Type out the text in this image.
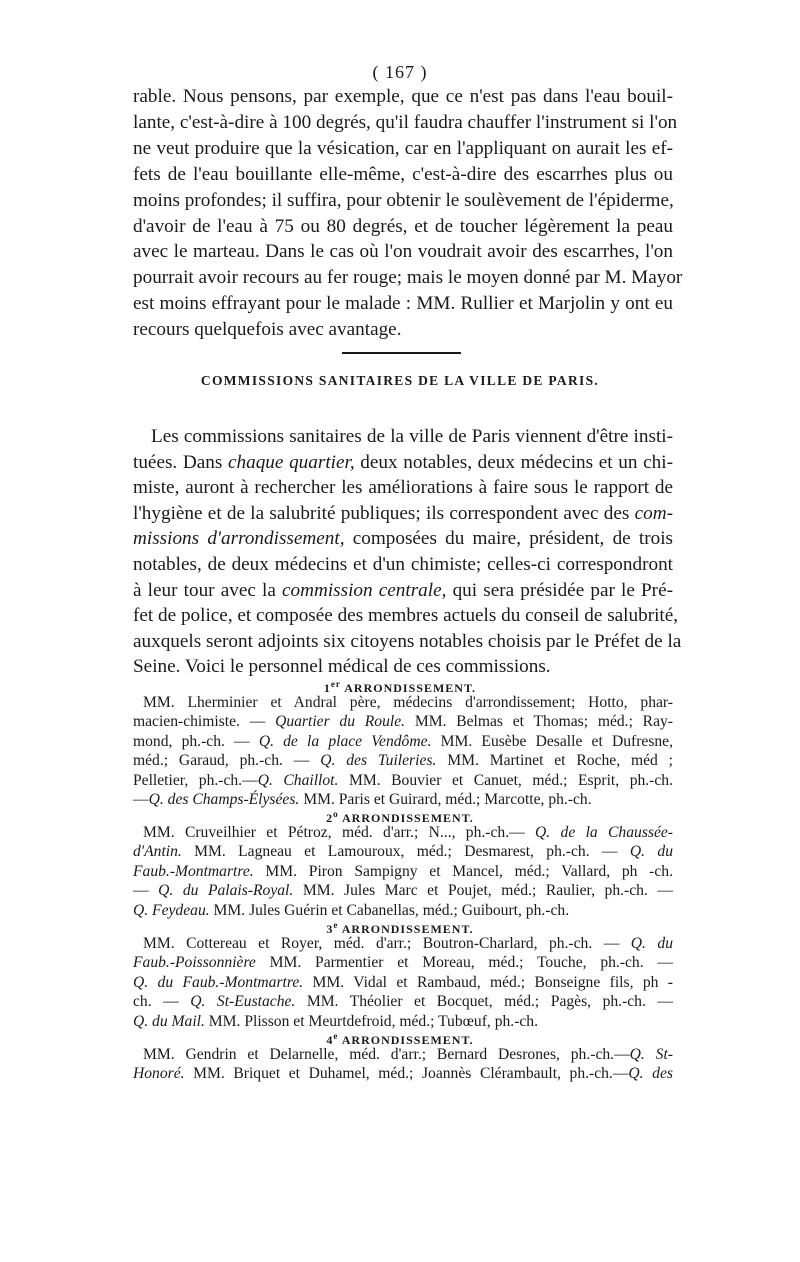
( 167 )
rable. Nous pensons, par exemple, que ce n'est pas dans l'eau bouil-
lante, c'est-à-dire à 100 degrés, qu'il faudra chauffer l'instrument si l'on
ne veut produire que la vésication, car en l'appliquant on aurait les ef-
fets de l'eau bouillante elle-même, c'est-à-dire des escarrhes plus ou
moins profondes; il suffira, pour obtenir le soulèvement de l'épiderme,
d'avoir de l'eau à 75 ou 80 degrés, et de toucher légèrement la peau
avec le marteau. Dans le cas où l'on voudrait avoir des escarrhes, l'on
pourrait avoir recours au fer rouge; mais le moyen donné par M. Mayor
est moins effrayant pour le malade : MM. Rullier et Marjolin y ont eu
recours quelquefois avec avantage.
COMMISSIONS SANITAIRES DE LA VILLE DE PARIS.
Les commissions sanitaires de la ville de Paris viennent d'être insti-
tuées. Dans chaque quartier, deux notables, deux médecins et un chi-
miste, auront à rechercher les améliorations à faire sous le rapport de
l'hygiène et de la salubrité publiques; ils correspondent avec des com-
missions d'arrondissement, composées du maire, président, de trois
notables, de deux médecins et d'un chimiste; celles-ci correspondront
à leur tour avec la commission centrale, qui sera présidée par le Pré-
fet de police, et composée des membres actuels du conseil de salubrité,
auxquels seront adjoints six citoyens notables choisis par le Préfet de la
Seine. Voici le personnel médical de ces commissions.
1er ARRONDISSEMENT.
MM. Lherminier et Andral père, médecins d'arrondissement; Hotto, phar-
macien-chimiste. — Quartier du Roule. MM. Belmas et Thomas; méd.; Ray-
mond, ph.-ch. — Q. de la place Vendôme. MM. Eusèbe Desalle et Dufresne,
méd.; Garaud, ph.-ch. — Q. des Tuileries. MM. Martinet et Roche, méd ;
Pelletier, ph.-ch.—Q. Chaillot. MM. Bouvier et Canuet, méd.; Esprit, ph.-ch.
—Q. des Champs-Élysées. MM. Paris et Guirard, méd.; Marcotte, ph.-ch.
2$^o$ ARRONDISSEMENT.
MM. Cruveilhier et Pétroz, méd. d'arr.; N..., ph.-ch.— Q. de la Chaussée-
d'Antin. MM. Lagneau et Lamouroux, méd.; Desmarest, ph.-ch. — Q. du
Faub.-Montmartre. MM. Piron Sampigny et Mancel, méd.; Vallard, ph -ch.
— Q. du Palais-Royal. MM. Jules Marc et Poujet, méd.; Raulier, ph.-ch. —
Q. Feydeau. MM. Jules Guérin et Cabanellas, méd.; Guibourt, ph.-ch.
3e ARRONDISSEMENT.
MM. Cottereau et Royer, méd. d'arr.; Boutron-Charlard, ph.-ch. — Q. du
Faub.-Poissonnière MM. Parmentier et Moreau, méd.; Touche, ph.-ch. —
Q. du Faub.-Montmartre. MM. Vidal et Rambaud, méd.; Bonseigne fils, ph -
ch. — Q. St-Eustache. MM. Théolier et Bocquet, méd.; Pagès, ph.-ch. —
Q. du Mail. MM. Plisson et Meurtdefroid, méd.; Tubœuf, ph.-ch.
4e ARRONDISSEMENT.
MM. Gendrin et Delarnelle, méd. d'arr.; Bernard Desrones, ph.-ch.—Q. St-
Honoré. MM. Briquet et Duhamel, méd.; Joannès Clérambault, ph.-ch.—Q. des
